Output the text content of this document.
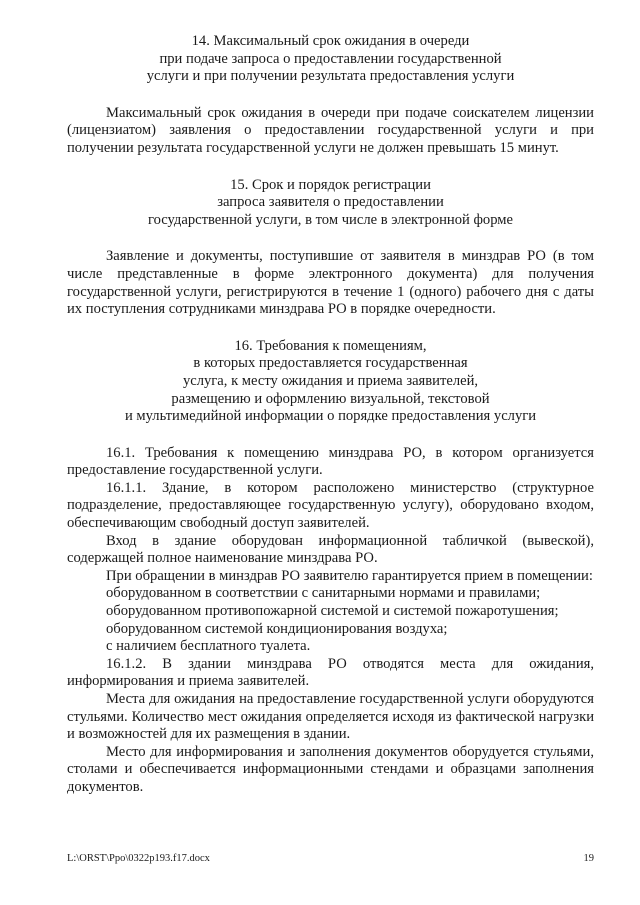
14. Максимальный срок ожидания в очереди
при подаче запроса о предоставлении государственной
услуги и при получении результата предоставления услуги

Максимальный срок ожидания в очереди при подаче соискателем лицензии (лицензиатом) заявления о предоставлении государственной услуги и при получении результата государственной услуги не должен превышать 15 минут.

15. Срок и порядок регистрации
запроса заявителя о предоставлении
государственной услуги, в том числе в электронной форме

Заявление и документы, поступившие от заявителя в минздрав РО (в том числе представленные в форме электронного документа) для получения государственной услуги, регистрируются в течение 1 (одного) рабочего дня с даты их поступления сотрудниками минздрава РО в порядке очередности.

16. Требования к помещениям,
в которых предоставляется государственная
услуга, к месту ожидания и приема заявителей,
размещению и оформлению визуальной, текстовой
и мультимедийной информации о порядке предоставления услуги

16.1. Требования к помещению минздрава РО, в котором организуется предоставление государственной услуги.

16.1.1. Здание, в котором расположено министерство (структурное подразделение, предоставляющее государственную услугу), оборудовано входом, обеспечивающим свободный доступ заявителей.

Вход в здание оборудован информационной табличкой (вывеской), содержащей полное наименование минздрава РО.

При обращении в минздрав РО заявителю гарантируется прием в помещении:

оборудованном в соответствии с санитарными нормами и правилами;

оборудованном противопожарной системой и системой пожаротушения;

оборудованном системой кондиционирования воздуха;

с наличием бесплатного туалета.

16.1.2. В здании минздрава РО отводятся места для ожидания, информирования и приема заявителей.

Места для ожидания на предоставление государственной услуги оборудуются стульями. Количество мест ожидания определяется исходя из фактической нагрузки и возможностей для их размещения в здании.

Место для информирования и заполнения документов оборудуется стульями, столами и обеспечивается информационными стендами и образцами заполнения документов.

L:\ORST\Ppo\0322p193.f17.docx	19
